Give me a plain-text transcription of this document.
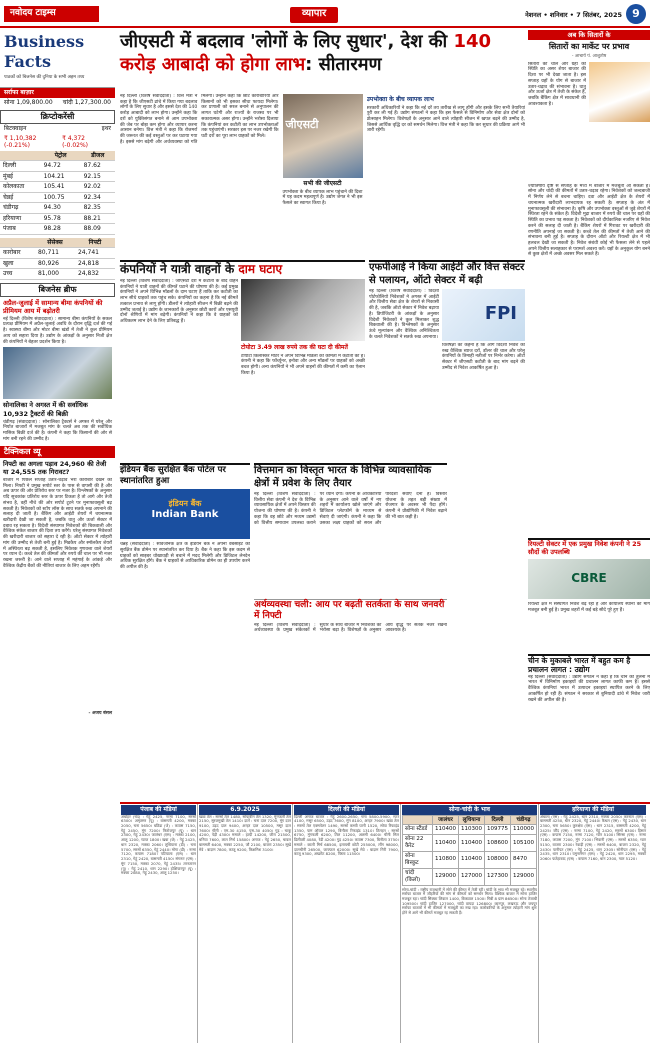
नवोदय टाइम्स	व्यापार	नेशनल • शनिवार • 7 सितंबर, 2025 9
Business Facts
पाठकों को बिजनेस की दुनिया के सभी अहम तथ्य
सर्राफा बाज़ार
सोना 1,09,800.00 चांदी 1,27,300.00
क्रिप्टोकरेंसी
बिटक्वाइन	इथर
₹ 1,10,382 (-0.21%)
₹ 4,372 (-0.02%)
	पेट्रोल	डीजल
दिल्ली	94.72	87.62
मुंबई	104.21	92.15
कोलकाता	105.41	92.02
चेन्नई	100.75	92.34
चंडीगढ़	94.30	82.35
हरियाणा	95.78	88.21
पंजाब	98.28	88.09
	सेंसेक्स	निफ्टी
कारोबार	80,711	24,741
खुला	80,926	24,818
उच्च	81,000	24,832
बिजनेस ब्रीफ
अप्रैल-जुलाई में सामान्य बीमा कंपनियों की प्रीमियम आय में बढ़ोतरी
नई दिल्ली (विशेष संवाददाता) : सामान्य बीमा कंपनियों के सकल प्रत्यक्ष प्रीमियम में अप्रैल-जुलाई अवधि के दौरान वृद्धि दर्ज की गई है। स्वास्थ्य बीमा और मोटर बीमा खंडों में तेजी ने कुल प्रीमियम आय को सहारा दिया है। उद्योग के आंकड़ों के अनुसार निजी क्षेत्र की कंपनियों ने बेहतर प्रदर्शन किया है।
सोनालिका ने अगस्त में की सर्वाधिक 10,932 ट्रैक्टरों की बिक्री
चंडीगढ़ (संवाददाता) : सोनालिका ट्रैक्टर्स ने अगस्त में घरेलू और निर्यात बाजारों में मजबूत मांग के चलते अब तक की सर्वाधिक मासिक बिक्री दर्ज की है। कंपनी ने कहा कि किसानों की ओर से मांग बनी रहने की उम्मीद है।
टैक्निकल व्यू
निफ्टी का अगला पड़ाव 24,960 की तेजी या 24,555 तक गिरावट?
बाजार में पिछले सप्ताह उतार-चढ़ाव भरा कारोबार देखने को मिला। निफ्टी ने प्रमुख सपोर्ट स्तर के पास से वापसी की है और अब ऊपर की ओर प्रतिरोध स्तर पर नजर है। विश्लेषकों के अनुसार यदि सूचकांक प्रतिरोध स्तर के ऊपर टिकता है तो आगे और तेजी संभव है, वहीं नीचे की ओर सपोर्ट टूटने पर मुनाफावसूली बढ़ सकती है। निवेशकों को स्टॉप लॉस के साथ सतर्क रुख अपनाने की सलाह दी जाती है। बैंकिंग और आईटी शेयरों में चयनात्मक खरीदारी देखी जा सकती है, जबकि धातु और ऊर्जा सेक्टर में दबाव रह सकता है। विदेशी संस्थागत निवेशकों की बिकवाली और वैश्विक संकेत बाजार की दिशा तय करेंगे। घरेलू संस्थागत निवेशकों की खरीदारी बाजार को सहारा दे रही है। ऑटो सेक्टर में त्योहारी मांग की उम्मीद से तेजी बनी हुई है। मिडकैप और स्मॉलकैप शेयरों में अस्थिरता बढ़ सकती है, इसलिए निवेशक गुणवत्ता वाले शेयरों पर ध्यान दें। कच्चे तेल की कीमतों और रुपये की चाल पर भी नजर रखना जरूरी है। आने वाले सप्ताह में महंगाई के आंकड़े और वैश्विक केंद्रीय बैंकों की नीतियां बाजार के लिए अहम रहेंगी।
- अजय बंसल
जीएसटी में बदलाव 'लोगों के लिए सुधार', देश की 140 करोड़ आबादी को होगा लाभ: सीतारमण
नई दिल्ली (विशेष संवाददाता) : वित्त मंत्री ने कहा है कि जीएसटी ढांचे में किया गया बदलाव लोगों के लिए सुधार है और इससे देश की 140 करोड़ आबादी को लाभ होगा। उन्होंने कहा कि दरों को युक्तिसंगत बनाने से आम उपभोक्ता की जेब पर बोझ कम होगा और व्यापार करना आसान बनेगा। वित्त मंत्री ने कहा कि रोजमर्रा की जरूरत की कई वस्तुओं पर कर घटाया गया है। इससे मांग बढ़ेगी और अर्थव्यवस्था को गति मिलेगी। उन्होंने कहा कि छोटे कारोबारियों और किसानों को भी इसका सीधा फायदा मिलेगा। कर प्रणाली को सरल बनाने से अनुपालन की लागत घटेगी और राज्यों के राजस्व पर भी सकारात्मक असर होगा। उन्होंने भरोसा दिलाया कि कंपनियां कर कटौती का लाभ उपभोक्ताओं तक पहुंचाएंगी। सरकार इस पर नजर रखेगी कि घटी दरों का पूरा लाभ ग्राहकों को मिले।
जीएसटी
सभी की जीएसटी
उपभोक्ता के बीच व्यापक लाभ पहुंचाने की दिशा में यह कदम महत्वपूर्ण है। उद्योग जगत ने भी इस फैसले का स्वागत किया है।
उपभोक्ता के बीच व्यापक लाभ
सरकारी अधिकारियों ने कहा कि नई दरें तय तारीख से लागू होंगी और इसके लिए सभी तैयारियां पूरी कर ली गई हैं। उद्योग संगठनों ने कहा कि इस फैसले से विनिर्माण और सेवा क्षेत्र दोनों को प्रोत्साहन मिलेगा। विशेषज्ञों के अनुसार आने वाले त्योहारी सीजन में खपत बढ़ने की उम्मीद है, जिससे आर्थिक वृद्धि दर को समर्थन मिलेगा। वित्त मंत्री ने कहा कि कर सुधार की प्रक्रिया आगे भी जारी रहेगी।
कंपनियों ने यात्री वाहनों के दाम घटाए
नई दिल्ली (विशेष संवाददाता) : जीएसटी दरों में कटौती के बाद वाहन कंपनियों ने यात्री वाहनों की कीमतें घटाने की घोषणा की है। कई प्रमुख कंपनियों ने अपने विभिन्न मॉडलों के दाम घटाए हैं ताकि कर कटौती का लाभ सीधे ग्राहकों तक पहुंच सके। कंपनियों का कहना है कि नई कीमतें तत्काल प्रभाव से लागू होंगी। डीलरों ने त्योहारी सीजन में बिक्री बढ़ने की उम्मीद जताई है। उद्योग के जानकारों के अनुसार छोटी कारों और एसयूवी दोनों श्रेणियों में मांग बढ़ेगी। कंपनियों ने कहा कि वे ग्राहकों को अधिकतम लाभ देने के लिए प्रतिबद्ध हैं।
टोयोटा 3.49 लाख रुपये तक की घटा दी कीमतें
टोयोटा किर्लोस्कर मोटर ने अपने विभिन्न मॉडलों की कीमतों में कटौती की है। कंपनी ने कहा कि फॉर्च्यूनर, इनोवा और अन्य मॉडलों पर ग्राहकों को अच्छी बचत होगी। अन्य कंपनियों ने भी अपने वाहनों की कीमतों में कमी का ऐलान किया है।
एफपीआई ने किया आईटी और वित्त सेक्टर से पलायन, ऑटो सेक्टर में बढ़ी
नई दिल्ली (विशेष संवाददाता) : विदेशी पोर्टफोलियो निवेशकों ने अगस्त में आईटी और वित्तीय सेवा क्षेत्र के शेयरों से निकासी की है, जबकि ऑटो सेक्टर में निवेश बढ़ाया है। डिपॉजिटरी के आंकड़ों के अनुसार विदेशी निवेशकों ने कुल मिलाकर शुद्ध बिकवाली की है। विश्लेषकों के अनुसार ऊंचे मूल्यांकन और वैश्विक अनिश्चितता के चलते निवेशकों ने सतर्क रुख अपनाया।
FPI
विशेषज्ञों का कहना है कि आगे विदेशी निवेश का रुख वैश्विक ब्याज दरों, डॉलर की चाल और घरेलू कंपनियों के तिमाही नतीजों पर निर्भर करेगा। ऑटो सेक्टर में जीएसटी कटौती के बाद मांग बढ़ने की उम्मीद से निवेश आकर्षित हुआ है।
इंडियन बैंक सुरक्षित बैंक पोर्टल पर स्थानांतरित हुआ
इंडियन बैंक
Indian Bank
चेन्नई (संवाददाता) : सार्वजनिक क्षेत्र के इंडियन बैंक ने अपनी वेबसाइट को सुरक्षित बैंक डोमेन पर स्थानांतरित कर दिया है। बैंक ने कहा कि इस कदम से ग्राहकों को साइबर धोखाधड़ी से बचाने में मदद मिलेगी और डिजिटल लेनदेन अधिक सुरक्षित होंगे। बैंक ने ग्राहकों से आधिकारिक डोमेन का ही उपयोग करने की अपील की है।
वित्तमान का विस्तृत भारत के विभिन्न व्यावसायिक क्षेत्रों में प्रवेश के लिए तैयार
नई दिल्ली (विशेष संवाददाता) : वित्तीय सेवा कंपनी ने देश के विभिन्न व्यावसायिक क्षेत्रों में अपने विस्तार की योजना की घोषणा की है। कंपनी ने कहा कि वह छोटे और मध्यम उद्यमों को वित्तीय समाधान उपलब्ध कराने पर ध्यान देगी। कंपनी के अधिकारियों के अनुसार आने वाले वर्षों में नए शहरों में कार्यालय खोले जाएंगे और डिजिटल प्लेटफॉर्म के माध्यम से सेवाएं दी जाएंगी। कंपनी ने कहा कि उसका लक्ष्य ग्राहकों को सरल और पारदर्शी सेवाएं देना है। विस्तार योजना के तहत बड़ी संख्या में रोजगार के अवसर भी पैदा होंगे। कंपनी ने प्रौद्योगिकी में निवेश बढ़ाने की भी बात कही है।
अर्थव्यवस्था चली: आय पर बढ़ती सतर्कता के साथ जनवरी में निफ्टी
नई दिल्ली (विशेष संवाददाता) : अर्थव्यवस्था के प्रमुख संकेतकों में सुधार के साथ बाजार में निवेशकों का भरोसा बढ़ा है। विशेषज्ञों के अनुसार आय वृद्धि पर सतर्क नजर रखना आवश्यक है।
अब कि सितारों के
सितारों का मार्केट पर प्रभाव
- आचार्य पं. आशुतोष
सितारों की चाल और ग्रहों की स्थिति का असर शेयर बाजार की दिशा पर भी देखा जाता है। इस सप्ताह ग्रहों के योग से बाजार में उतार-चढ़ाव की संभावना है। धातु और ऊर्जा क्षेत्र में तेजी के संकेत हैं, जबकि बैंकिंग क्षेत्र में सावधानी की आवश्यकता है।
ज्योतिषीय दृष्टि से सप्ताह के मध्य में बाजार में मजबूती आ सकती है। सोना और चांदी की कीमतों में उतार-चढ़ाव रहेगा। निवेशकों को जल्दबाजी में निर्णय लेने से बचना चाहिए। दवा और आईटी क्षेत्र के शेयरों में चयनात्मक खरीदारी लाभदायक रह सकती है। सप्ताह के अंत में मुनाफावसूली की संभावना है। कृषि और उपभोक्ता वस्तुओं से जुड़े शेयरों में स्थिरता रहने के संकेत हैं। विदेशी मुद्रा बाजार में रुपये की चाल पर ग्रहों की स्थिति का प्रभाव पड़ सकता है। निवेशकों को दीर्घकालिक नजरिए से निवेश करने की सलाह दी जाती है। बैंकिंग शेयरों में गिरावट पर खरीदारी की रणनीति अपनाई जा सकती है। कच्चे तेल की कीमतों में तेजी आने की संभावना बनी हुई है। सप्ताह के दौरान ऑटो और रियल्टी क्षेत्र में भी हलचल देखी जा सकती है। निवेश संबंधी कोई भी फैसला लेने से पहले अपने वित्तीय सलाहकार से परामर्श अवश्य करें। ग्रहों के अनुकूल योग बनने से कुछ क्षेत्रों में अच्छे अवसर मिल सकते हैं।
रियल्टी सेक्टर में एक प्रमुख निवेश कंपनी ने 25 सौदों की उपलब्धि
CBRE
रियल्टी क्षेत्र में संस्थागत निवेश बढ़ रहा है और कार्यालय स्थानों की मांग मजबूत बनी हुई है। प्रमुख शहरों में कई बड़े सौदे पूरे हुए हैं।
चीन के मुकाबले भारत में बहुत कम है प्रचालन लागत : उद्योग
नई दिल्ली (संवाददाता) : उद्योग संगठन ने कहा है कि चीन की तुलना में भारत में विनिर्माण इकाइयों की प्रचालन लागत काफी कम है। इससे वैश्विक कंपनियां भारत में उत्पादन इकाइयां स्थापित करने के लिए आकर्षित हो रही हैं। संगठन ने सरकार से बुनियादी ढांचे में निवेश जारी रखने की अपील की है।
पंजाब की मंडियां
अबोहर (चंद) : गेहूं 2425, नरमा 7100, सरसों 6300। अमृतसर (यू) : बासमती 4200, मक्का 2050, चना 5650। बठिंडा (जे) : कपास 7150, गेहूं 2450, मूंग 7200। फिरोजपुर (यू) : धान 2300, गेहूं 2430। जालंधर (एस) : मक्का 2100, आलू 1200, प्याज 1800। खन्ना (जे) : गेहूं 2425, धान 2320, मक्का 2060। लुधियाना (डी) : चना 5700, सरसों 6350, गेहूं 2440। मोगा (डी) : नरमा 7120, कपास 7180। पटियाला (एस) : धान 2310, गेहूं 2420, बासमती 4150। संगरूर (एस) : मूंग 7150, मक्का 2070, गेहूं 2435। तरनतारन (यू) : गेहूं 2410, धान 2290। होशियारपुर (यू) : मक्का 2080, गेहूं 2430, आलू 1250।
6.9.2025
खाद्य तेल : सरसों तेल 1480, सोयाबीन तेल 1320, मूंगफली तेल 2150, सूरजमुखी तेल 1410। दालें : चना दाल 7200, मूंग दाल 9100, उड़द दाल 9400, अरहर दाल 10500, मसूर दाल 7600। चीनी : एम-30 4150, एस-30 4050। गुड़ : चाकू 4200, पेड़ी 4300। मसाले : हल्दी 14200, जीरा 21500, धनिया 7600, लाल मिर्च 15800। अनाज : गेहूं 2650, चावल बासमती 6400, मक्का 2250, जौ 2100, बाजरा 2350। सूखे मेवे : बादाम 7800, काजू 9200, किशमिश 3100।
दिल्ली की मंडियां
दिल्ली अनाज बाजार : गेहूं 2600-2650, चना 5800-5900, मटर 4100, मसूर 6500, उड़द 7600, मूंग 8100, अरहर 7900। खाद्य तेल : सरसों तेल एक्सपेलर 1490, सरसों कच्ची घानी 1520, सोया रिफाइंड 1350, पाम ऑयल 1290, बिनौला रिफाइंड 1310। तिलहन : सरसों 6750, मूंगफली 6200, तिल 11200, अलसी 6400। चीनी मिल डिलीवरी 4080, रेडी 4200। गुड़ 4250। कपास 7300, बिनौला 3750। मसाले : काली मिर्च 68500, इलायची छोटी 255000, लौंग 98000, दालचीनी 26500, जायफल 62000। सूखे मेवे : बादाम गिरी 7900, काजू 9300, अखरोट 8200, पिस्ता 11500।
सोना-चांदी के भाव
	जालंधर	लुधियाना	दिल्ली	चंडीगढ़
सोना स्टैंडर्ड	110400	110300	109775	110000
सोना 22 कैरेट	110400	110400	108600	105100
सोना बिस्कुट	110800	110400	108000	8470
चांदी (किलो)	129000	127000	127300	129000
सोना-चांदी : राष्ट्रीय राजधानी में सोने की कीमत में तेजी रही। चांदी के भाव भी मजबूत रहे। स्थानीय सर्राफा बाजार में जौहरियों की मांग से कीमतों को समर्थन मिला। वैश्विक बाजार में सोना हाजिर मजबूत रहा। चांदी सिक्का लिवाल 1400, बिकवाल 1500। गिन्नी 8 ग्राम 86500। सोना तेजाबी 109500। चांदी हाजिर 127000, चांदी वायदा 126800। कानपुर, लखनऊ और जयपुर सर्राफा बाजारों में भी कीमतों में मजबूती का रुख रहा। कारोबारियों के अनुसार त्योहारी मांग शुरू होने से आगे भी कीमतें मजबूत रह सकती हैं।
हरियाणा की मंडियां
अंबाला (एस) : गेहूं 2425, धान 2310, मक्का 2050। करनाल (एस) : बासमती 4250, धान 2320, गेहूं 2440। कैथल (एस) : गेहूं 2430, धान 2300, चना 5650। कुरुक्षेत्र (एस) : धान 2315, बासमती 4200, गेहूं 2425। जींद (एस) : नरमा 7100, गेहूं 2420, सरसों 6300। हिसार (एस) : कपास 7150, नरमा 7120, ग्वार 5100। सिरसा (एस) : नरमा 7180, कपास 7200, मूंग 7100। भिवानी (एस) : सरसों 6350, ग्वार 5150, बाजरा 2300। रेवाड़ी (एस) : सरसों 6400, बाजरा 2320, गेहूं 2430। पानीपत (एस) : गेहूं 2425, धान 2305। सोनीपत (एस) : गेहूं 2435, धान 2310। यमुनानगर (एस) : गेहूं 2420, धान 2295, मक्का 2060। फतेहाबाद (एस) : कपास 7160, धान 2300, ग्वार 5120।
